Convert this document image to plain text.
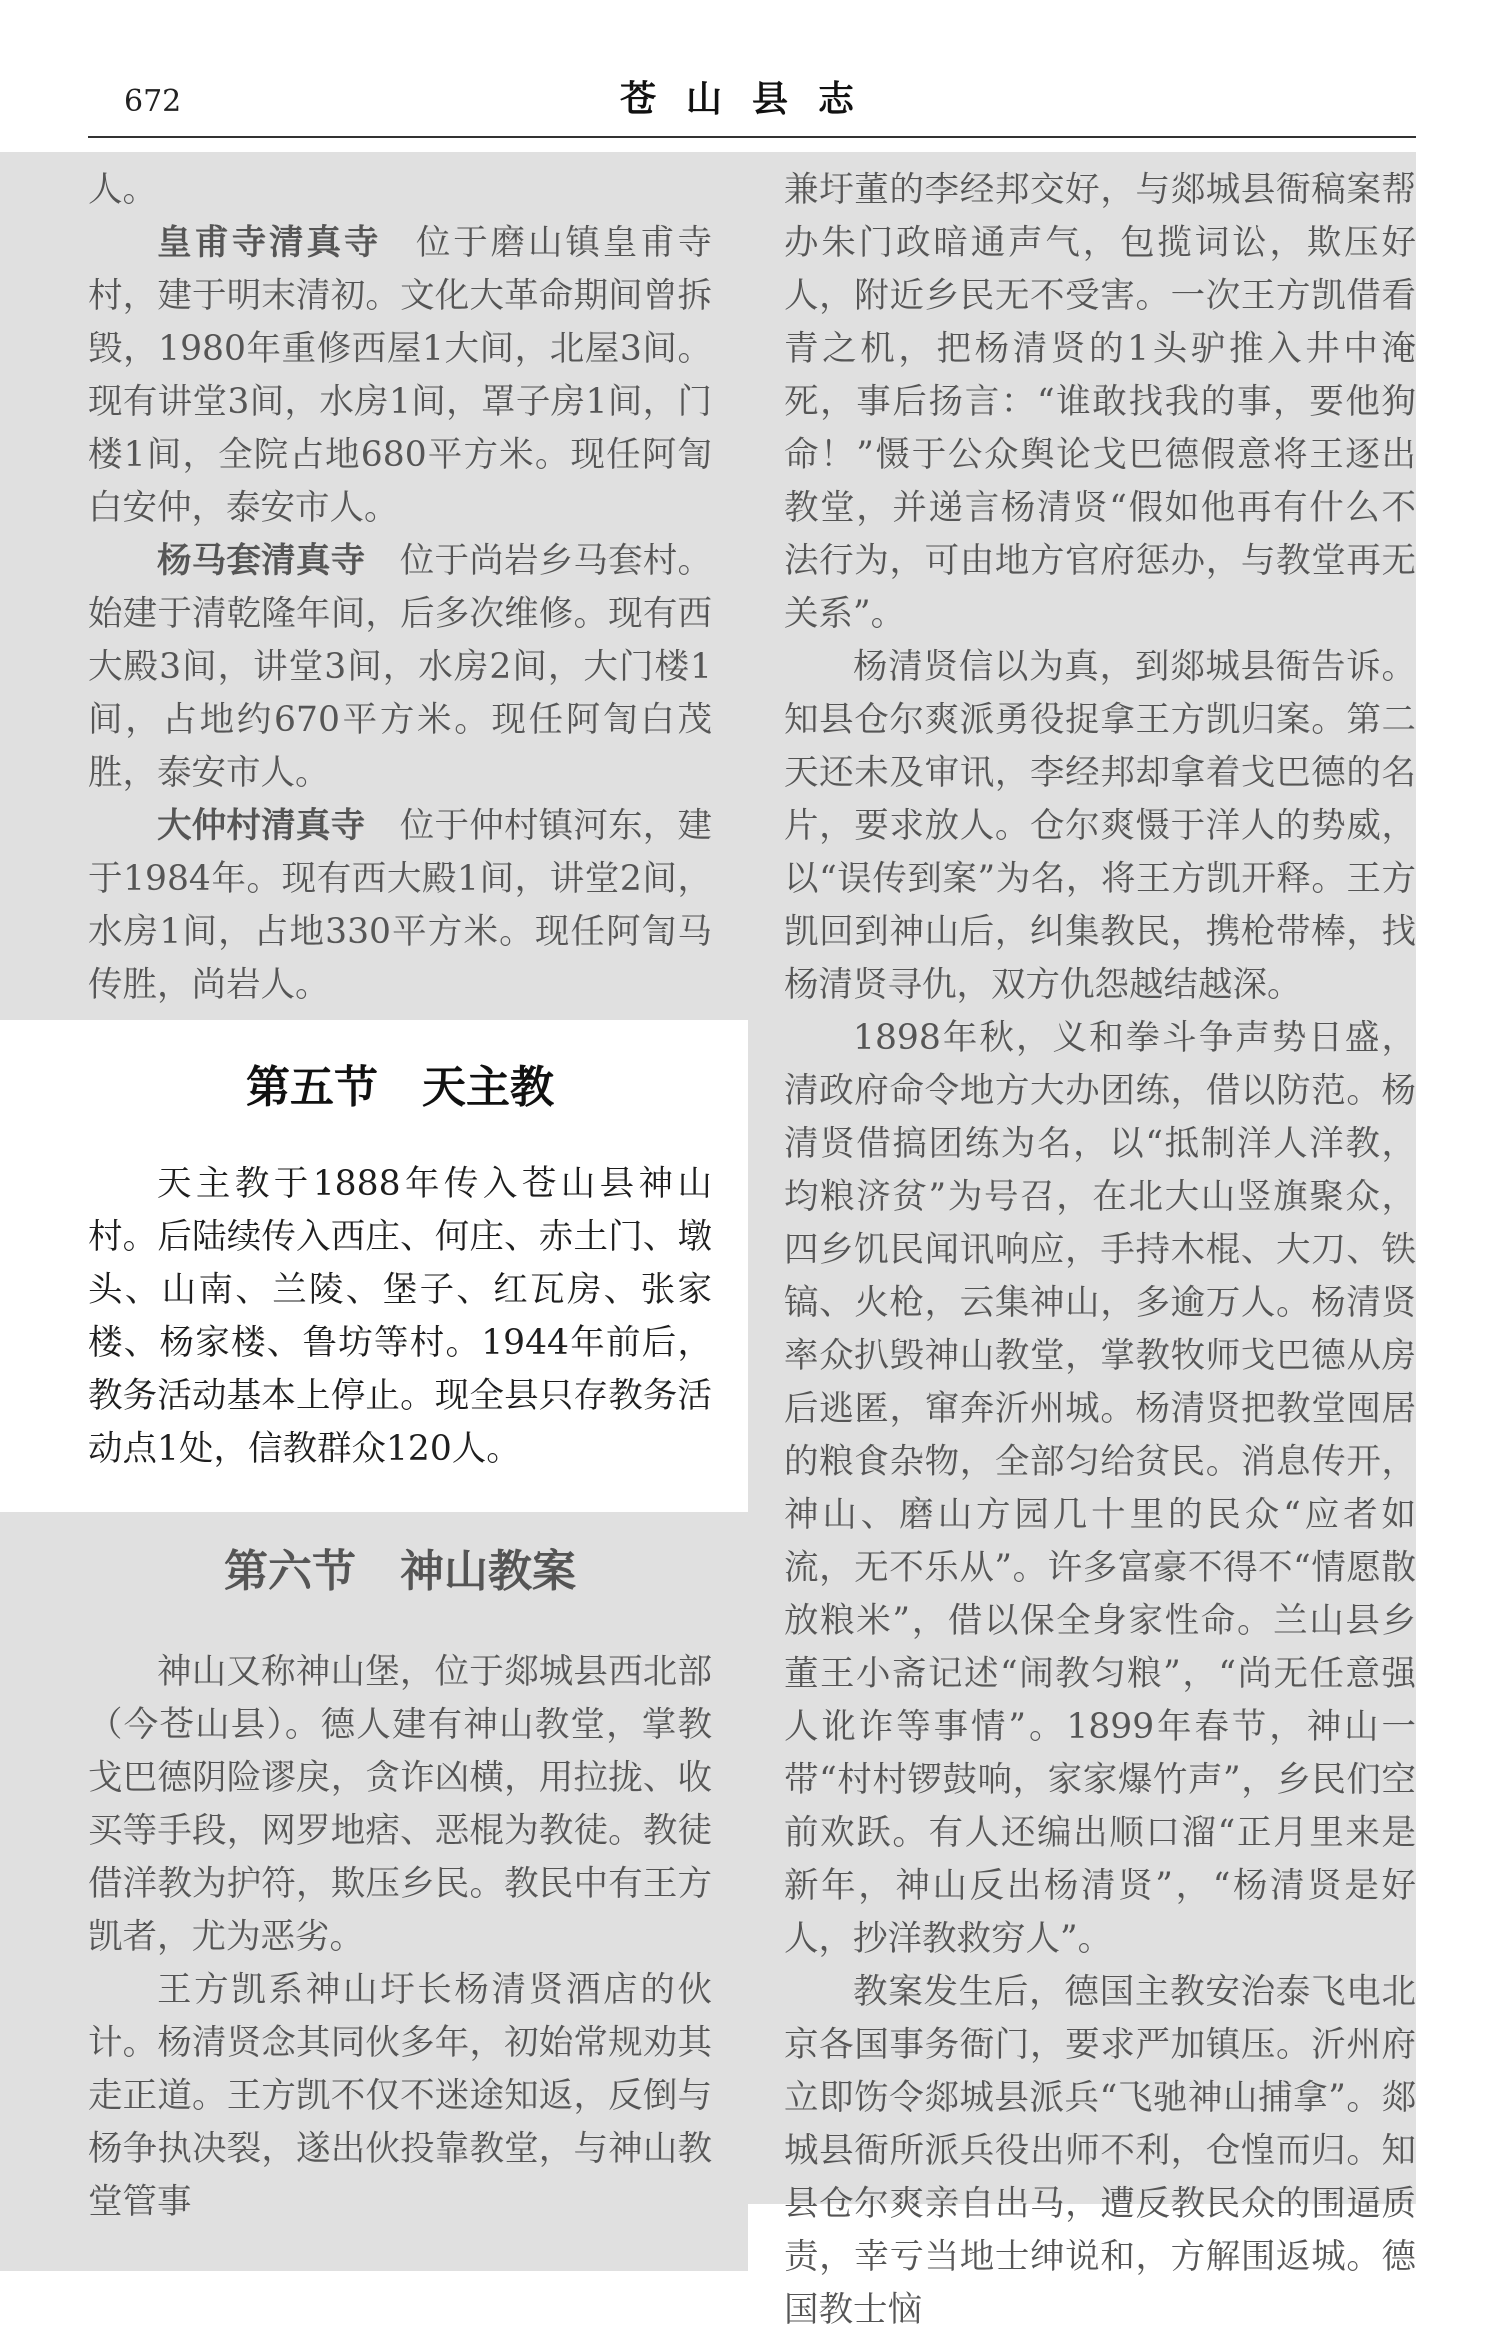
672	苍山县志

人。

皇甫寺清真寺 位于磨山镇皇甫寺村，建于明末清初。文化大革命期间曾拆毁，1980年重修西屋1大间，北屋3间。现有讲堂3间，水房1间，罩子房1间，门楼1间，全院占地680平方米。现任阿訇白安仲，泰安市人。

杨马套清真寺 位于尚岩乡马套村。始建于清乾隆年间，后多次维修。现有西大殿3间，讲堂3间，水房2间，大门楼1间，占地约670平方米。现任阿訇白茂胜，泰安市人。

大仲村清真寺 位于仲村镇河东，建于1984年。现有西大殿1间，讲堂2间，水房1间，占地330平方米。现任阿訇马传胜，尚岩人。

第五节　天主教

天主教于1888年传入苍山县神山村。后陆续传入西庄、何庄、赤土门、墩头、山南、兰陵、堡子、红瓦房、张家楼、杨家楼、鲁坊等村。1944年前后，教务活动基本上停止。现全县只存教务活动点1处，信教群众120人。

第六节　神山教案

神山又称神山堡，位于郯城县西北部（今苍山县）。德人建有神山教堂，掌教戈巴德阴险谬戾，贪诈凶横，用拉拢、收买等手段，网罗地痞、恶棍为教徒。教徒借洋教为护符，欺压乡民。教民中有王方凯者，尤为恶劣。

王方凯系神山圩长杨清贤酒店的伙计。杨清贤念其同伙多年，初始常规劝其走正道。王方凯不仅不迷途知返，反倒与杨争执决裂，遂出伙投靠教堂，与神山教堂管事

兼圩董的李经邦交好，与郯城县衙稿案帮办朱门政暗通声气，包揽词讼，欺压好人，附近乡民无不受害。一次王方凯借看青之机，把杨清贤的1头驴推入井中淹死，事后扬言：“谁敢找我的事，要他狗命！”慑于公众舆论戈巴德假意将王逐出教堂，并递言杨清贤“假如他再有什么不法行为，可由地方官府惩办，与教堂再无关系”。

杨清贤信以为真，到郯城县衙告诉。知县仓尔爽派勇役捉拿王方凯归案。第二天还未及审讯，李经邦却拿着戈巴德的名片，要求放人。仓尔爽慑于洋人的势威，以“误传到案”为名，将王方凯开释。王方凯回到神山后，纠集教民，携枪带棒，找杨清贤寻仇，双方仇怨越结越深。

1898年秋，义和拳斗争声势日盛，清政府命令地方大办团练，借以防范。杨清贤借搞团练为名，以“抵制洋人洋教，均粮济贫”为号召，在北大山竖旗聚众，四乡饥民闻讯响应，手持木棍、大刀、铁镐、火枪，云集神山，多逾万人。杨清贤率众扒毁神山教堂，掌教牧师戈巴德从房后逃匿，窜奔沂州城。杨清贤把教堂囤居的粮食杂物，全部匀给贫民。消息传开，神山、磨山方园几十里的民众“应者如流，无不乐从”。许多富豪不得不“情愿散放粮米”，借以保全身家性命。兰山县乡董王小斋记述“闹教匀粮”，“尚无任意强人讹诈等事情”。1899年春节，神山一带“村村锣鼓响，家家爆竹声”，乡民们空前欢跃。有人还编出顺口溜“正月里来是新年，神山反出杨清贤”，“杨清贤是好人，抄洋教救穷人”。

教案发生后，德国主教安治泰飞电北京各国事务衙门，要求严加镇压。沂州府立即饬令郯城县派兵“飞驰神山捕拿”。郯城县衙所派兵役出师不利，仓惶而归。知县仓尔爽亲自出马，遭反教民众的围逼质责，幸亏当地士绅说和，方解围返城。德国教士恼
